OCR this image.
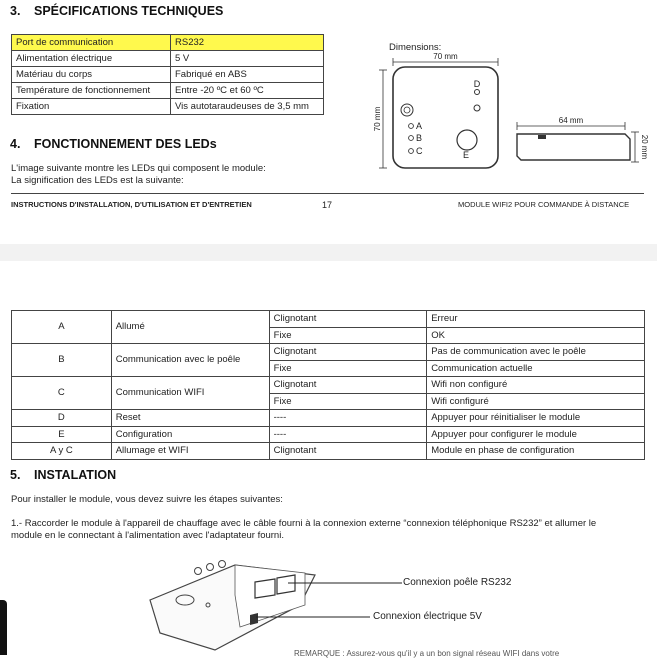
3. SPÉCIFICATIONS TECHNIQUES
Port de communication	RS232
Alimentation électrique	5 V
Matériau du corps	Fabriqué en ABS
Température de fonctionnement	Entre -20 ºC et 60 ºC
Fixation	Vis autotaraudeuses de 3,5 mm
Dimensions:
70 mm
70 mm
D
A
B
C	E
64 mm
20 mm
4. FONCTIONNEMENT DES LEDs
L'image suivante montre les LEDs qui composent le module:
La signification des LEDs est la suivante:
INSTRUCTIONS D'INSTALLATION, D'UTILISATION ET D'ENTRETIEN	17	MODULE WIFI2 POUR COMMANDE À DISTANCE
A	Allumé	Clignotant	Erreur
		Fixe	OK
B	Communication avec le poêle	Clignotant	Pas de communication avec le poêle
		Fixe	Communication actuelle
C	Communication WIFI	Clignotant	Wifi non configuré
		Fixe	Wifi configuré
D	Reset	----	Appuyer pour réinitialiser le module
E	Configuration	----	Appuyer pour configurer le module
A y C	Allumage et WIFI	Clignotant	Module en phase de configuration
5. INSTALATION
Pour installer le module, vous devez suivre les étapes suivantes:
1.- Raccorder le module à l'appareil de chauffage avec le câble fourni à la connexion externe “connexion téléphonique RS232” et allumer le
module en le connectant à l'alimentation avec l'adaptateur fourni.
Connexion poêle RS232
Connexion électrique 5V
REMARQUE : Assurez-vous qu'il y a un bon signal réseau WIFI dans votre
